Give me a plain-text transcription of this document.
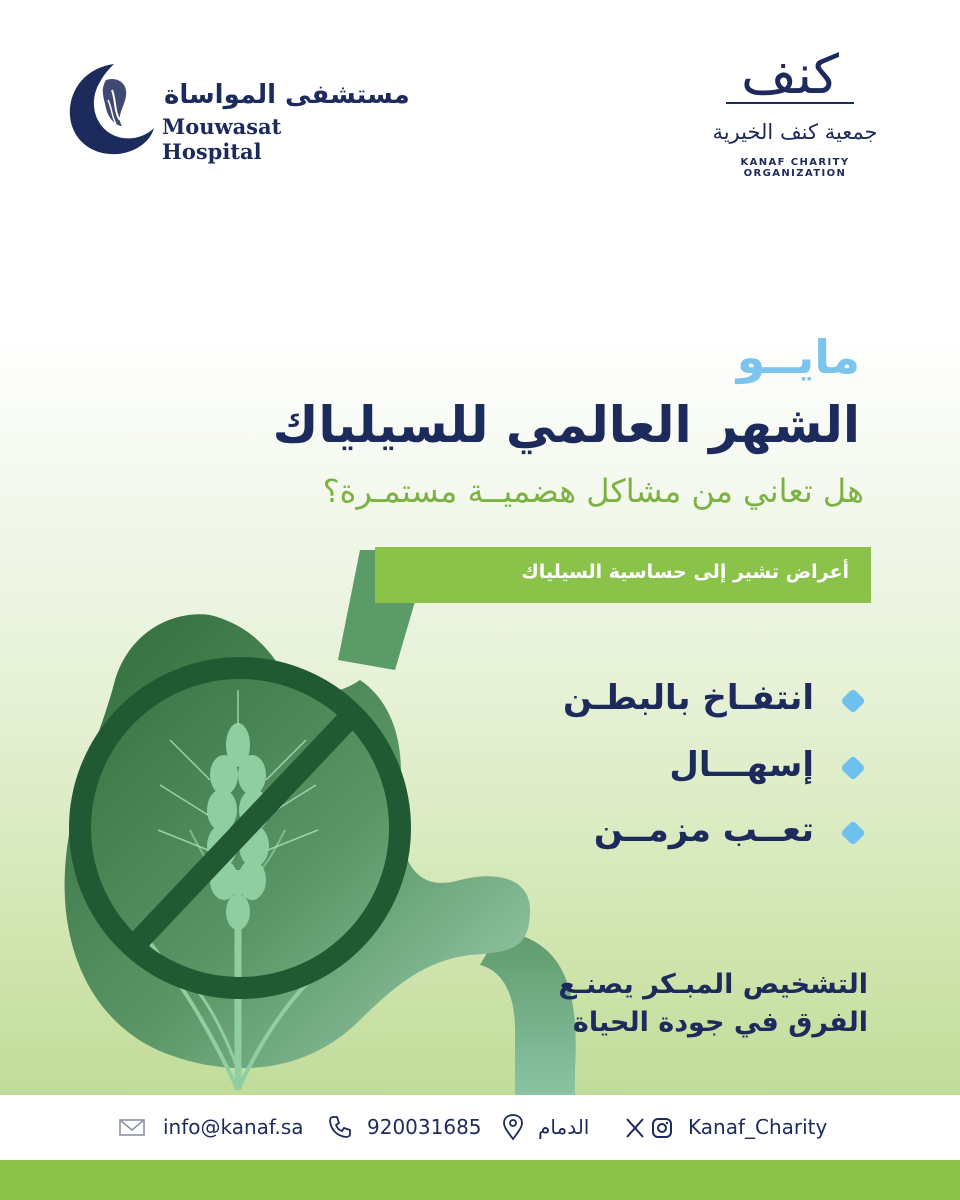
مستشفى المواساة
Mouwasat Hospital
كنف
جمعية كنف الخيرية
KANAF CHARITY ORGANIZATION
مايــو
الشهر العالمي للسيلياك
هل تعاني من مشاكل هضميــة مستمـرة؟
أعراض تشير إلى حساسية السيلياك
انتفـاخ بالبطـن
إسهـــال
تعــب مزمــن
التشخيص المبـكر يصنـع
الفرق في جودة الحياة
info@kanaf.sa	920031685	الدمام	Kanaf_Charity
